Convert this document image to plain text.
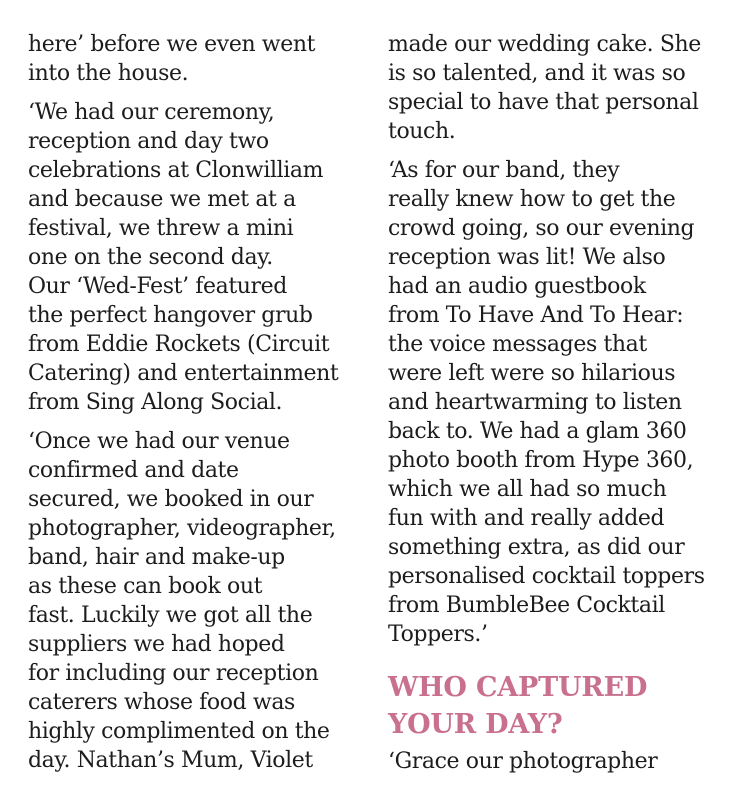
here’ before we even went
into the house.

‘We had our ceremony,
reception and day two
celebrations at Clonwilliam
and because we met at a
festival, we threw a mini
one on the second day.
Our ‘Wed-Fest’ featured
the perfect hangover grub
from Eddie Rockets (Circuit
Catering) and entertainment
from Sing Along Social.

‘Once we had our venue
confirmed and date
secured, we booked in our
photographer, videographer,
band, hair and make-up
as these can book out
fast. Luckily we got all the
suppliers we had hoped
for including our reception
caterers whose food was
highly complimented on the
day. Nathan’s Mum, Violet

made our wedding cake. She
is so talented, and it was so
special to have that personal
touch.

‘As for our band, they
really knew how to get the
crowd going, so our evening
reception was lit! We also
had an audio guestbook
from To Have And To Hear:
the voice messages that
were left were so hilarious
and heartwarming to listen
back to. We had a glam 360
photo booth from Hype 360,
which we all had so much
fun with and really added
something extra, as did our
personalised cocktail toppers
from BumbleBee Cocktail
Toppers.’

WHO CAPTURED
YOUR DAY?

‘Grace our photographer
